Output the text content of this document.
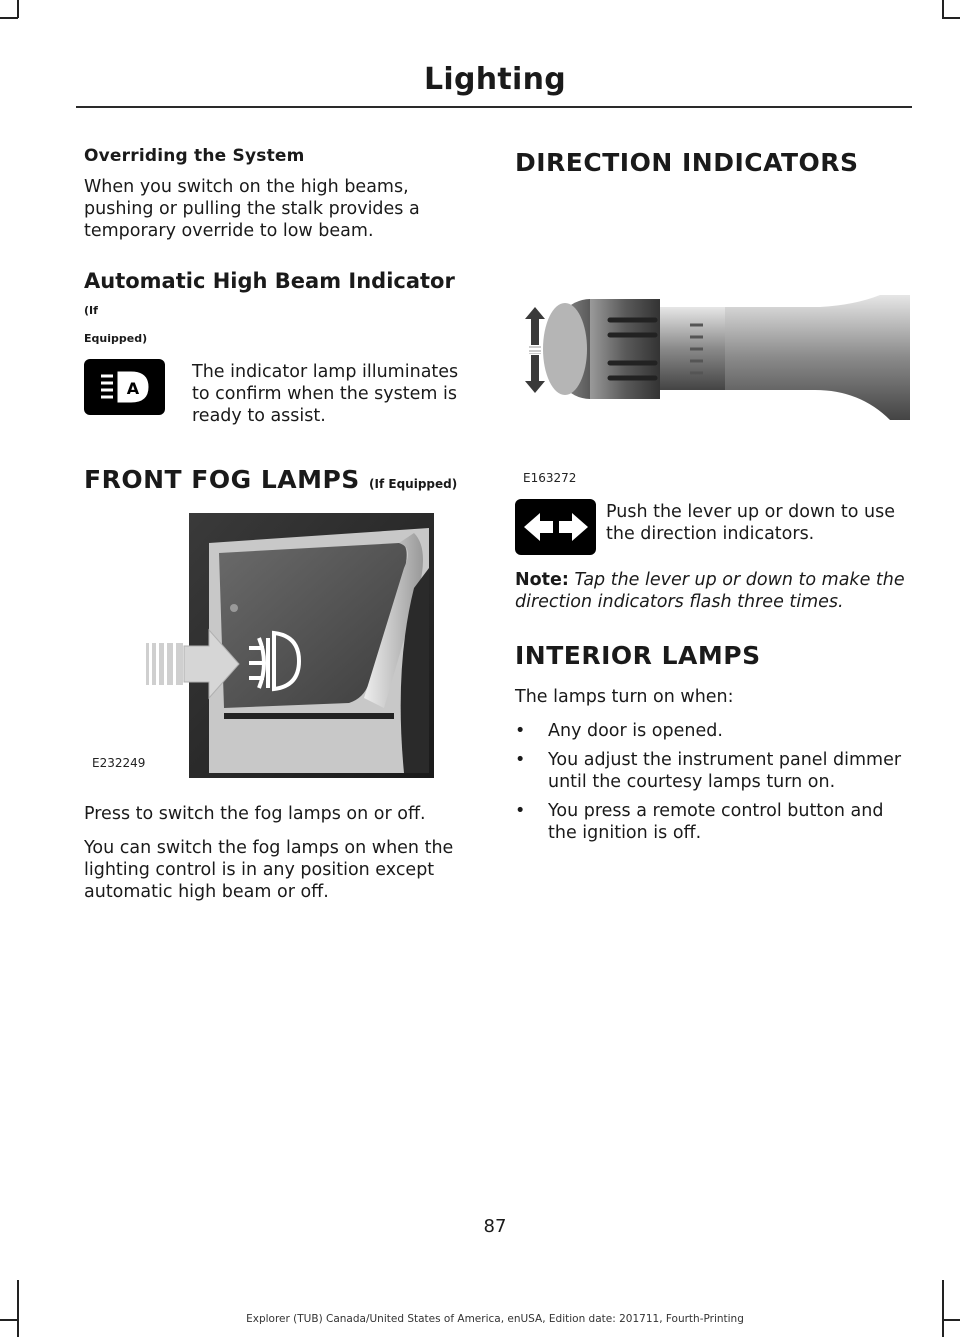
Lighting
Overriding the System

When you switch on the high beams, pushing or pulling the stalk provides a temporary override to low beam.

Automatic High Beam Indicator (If
Equipped)
A
The indicator lamp illuminates to confirm when the system is ready to assist.
FRONT FOG LAMPS (If Equipped)
E232249

Press to switch the fog lamps on or off.

You can switch the fog lamps on when the lighting control is in any position except automatic high beam or off.

DIRECTION INDICATORS
E163272
Push the lever up or down to use the direction indicators.
Note: Tap the lever up or down to make the direction indicators flash three times.
INTERIOR LAMPS

The lamps turn on when:

• Any door is opened.
• You adjust the instrument panel dimmer until the courtesy lamps turn on.
• You press a remote control button and the ignition is off.
87
Explorer (TUB) Canada/United States of America, enUSA, Edition date: 201711, Fourth-Printing
